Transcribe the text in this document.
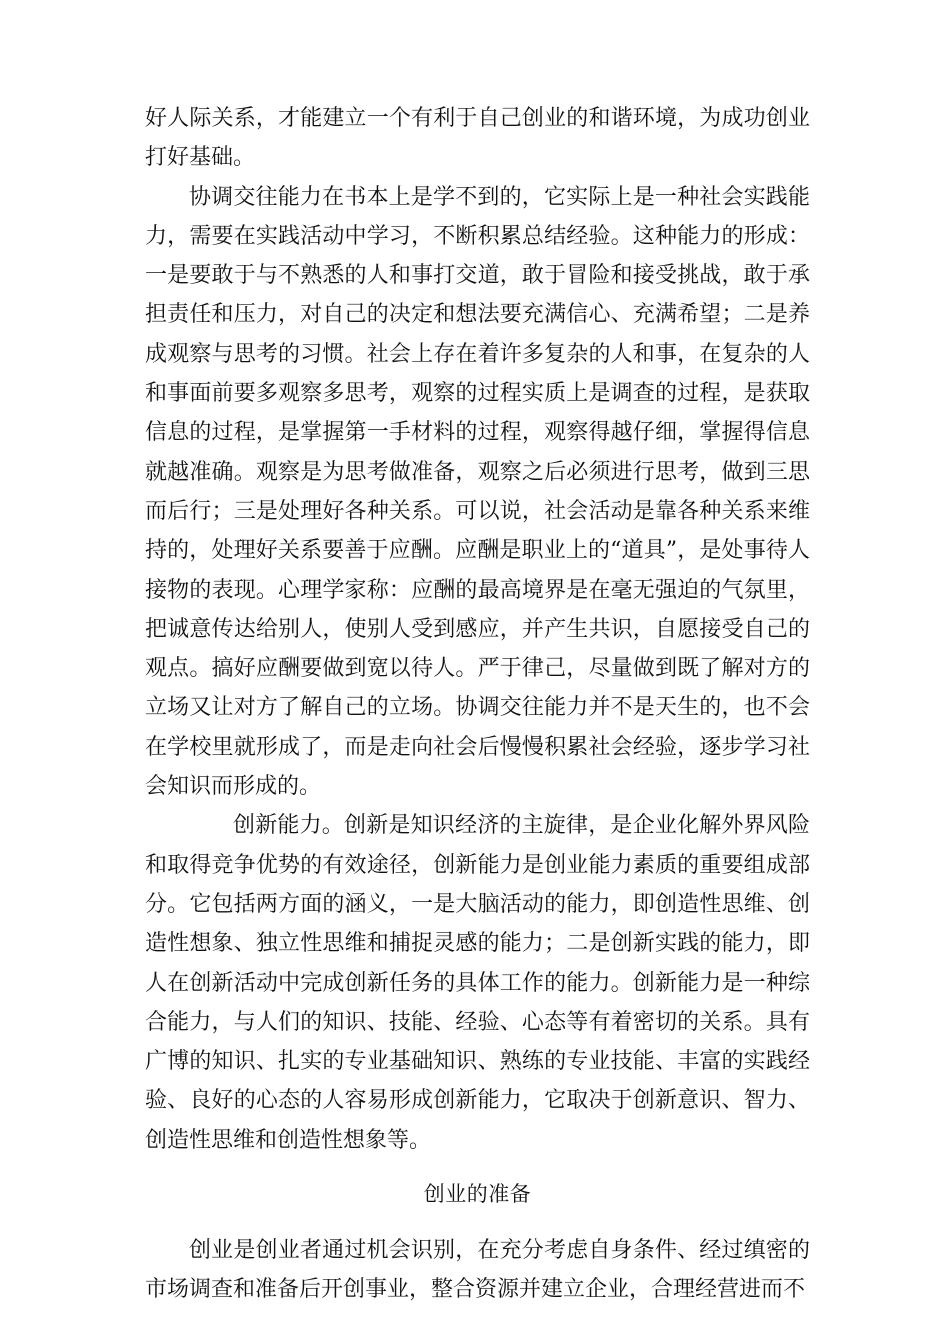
好人际关系，才能建立一个有利于自己创业的和谐环境，为成功创业打好基础。

协调交往能力在书本上是学不到的，它实际上是一种社会实践能力，需要在实践活动中学习，不断积累总结经验。这种能力的形成：一是要敢于与不熟悉的人和事打交道，敢于冒险和接受挑战，敢于承担责任和压力，对自己的决定和想法要充满信心、充满希望；二是养成观察与思考的习惯。社会上存在着许多复杂的人和事，在复杂的人和事面前要多观察多思考，观察的过程实质上是调查的过程，是获取信息的过程，是掌握第一手材料的过程，观察得越仔细，掌握得信息就越准确。观察是为思考做准备，观察之后必须进行思考，做到三思而后行；三是处理好各种关系。可以说，社会活动是靠各种关系来维持的，处理好关系要善于应酬。应酬是职业上的“道具”，是处事待人接物的表现。心理学家称：应酬的最高境界是在毫无强迫的气氛里，把诚意传达给别人，使别人受到感应，并产生共识，自愿接受自己的观点。搞好应酬要做到宽以待人。严于律己，尽量做到既了解对方的立场又让对方了解自己的立场。协调交往能力并不是天生的，也不会在学校里就形成了，而是走向社会后慢慢积累社会经验，逐步学习社会知识而形成的。

创新能力。创新是知识经济的主旋律，是企业化解外界风险和取得竞争优势的有效途径，创新能力是创业能力素质的重要组成部分。它包括两方面的涵义，一是大脑活动的能力，即创造性思维、创造性想象、独立性思维和捕捉灵感的能力；二是创新实践的能力，即人在创新活动中完成创新任务的具体工作的能力。创新能力是一种综合能力，与人们的知识、技能、经验、心态等有着密切的关系。具有广博的知识、扎实的专业基础知识、熟练的专业技能、丰富的实践经验、良好的心态的人容易形成创新能力，它取决于创新意识、智力、创造性思维和创造性想象等。

创业的准备

创业是创业者通过机会识别，在充分考虑自身条件、经过缜密的市场调查和准备后开创事业，整合资源并建立企业，合理经营进而不
